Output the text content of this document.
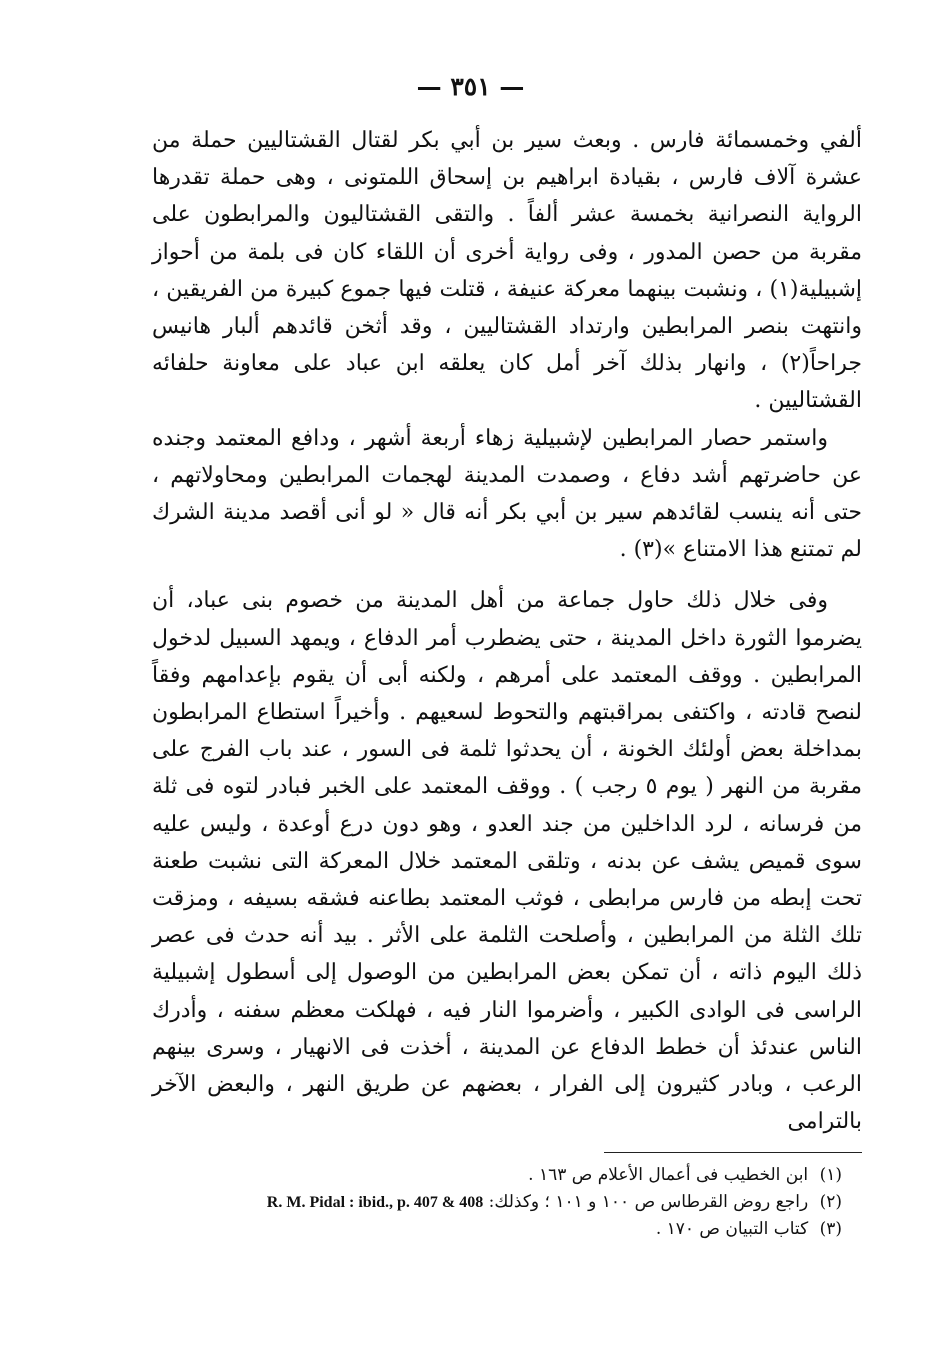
— ٣٥١ —

ألفي وخمسمائة فارس . وبعث سير بن أبي بكر لقتال القشتاليين حملة من عشرة آلاف فارس ، بقيادة ابراهيم بن إسحاق اللمتونى ، وهى حملة تقدرها الرواية النصرانية بخمسة عشر ألفاً . والتقى القشتاليون والمرابطون على مقربة من حصن المدور ، وفى رواية أخرى أن اللقاء كان فى بلمة من أحواز إشبيلية(١) ، ونشبت بينهما معركة عنيفة ، قتلت فيها جموع كبيرة من الفريقين ، وانتهت بنصر المرابطين وارتداد القشتاليين ، وقد أثخن قائدهم ألبار هانيس جراحاً(٢) ، وانهار بذلك آخر أمل كان يعلقه ابن عباد على معاونة حلفائه القشتاليين .

واستمر حصار المرابطين لإشبيلية زهاء أربعة أشهر ، ودافع المعتمد وجنده عن حاضرتهم أشد دفاع ، وصمدت المدينة لهجمات المرابطين ومحاولاتهم ، حتى أنه ينسب لقائدهم سير بن أبي بكر أنه قال « لو أنى أقصد مدينة الشرك لم تمتنع هذا الامتناع »(٣) .

وفى خلال ذلك حاول جماعة من أهل المدينة من خصوم بنى عباد، أن يضرموا الثورة داخل المدينة ، حتى يضطرب أمر الدفاع ، ويمهد السبيل لدخول المرابطين . ووقف المعتمد على أمرهم ، ولكنه أبى أن يقوم بإعدامهم وفقاً لنصح قادته ، واكتفى بمراقبتهم والتحوط لسعيهم . وأخيراً استطاع المرابطون بمداخلة بعض أولئك الخونة ، أن يحدثوا ثلمة فى السور ، عند باب الفرج على مقربة من النهر ( يوم ٥ رجب ) . ووقف المعتمد على الخبر فبادر لتوه فى ثلة من فرسانه ، لرد الداخلين من جند العدو ، وهو دون درع أوعدة ، وليس عليه سوى قميص يشف عن بدنه ، وتلقى المعتمد خلال المعركة التى نشبت طعنة تحت إبطه من فارس مرابطى ، فوثب المعتمد بطاعنه فشقه بسيفه ، ومزقت تلك الثلة من المرابطين ، وأصلحت الثلمة على الأثر . بيد أنه حدث فى عصر ذلك اليوم ذاته ، أن تمكن بعض المرابطين من الوصول إلى أسطول إشبيلية الراسى فى الوادى الكبير ، وأضرموا النار فيه ، فهلكت معظم سفنه ، وأدرك الناس عندئذ أن خطط الدفاع عن المدينة ، أخذت فى الانهيار ، وسرى بينهم الرعب ، وبادر كثيرون إلى الفرار ، بعضهم عن طريق النهر ، والبعض الآخر بالترامى

(١) ابن الخطيب فى أعمال الأعلام ص ١٦٣ .

(٢) راجع روض القرطاس ص ١٠٠ و ١٠١ ؛ وكذلك: R. M. Pidal : ibid., p. 407 & 408

(٣) كتاب التبيان ص ١٧٠ .
